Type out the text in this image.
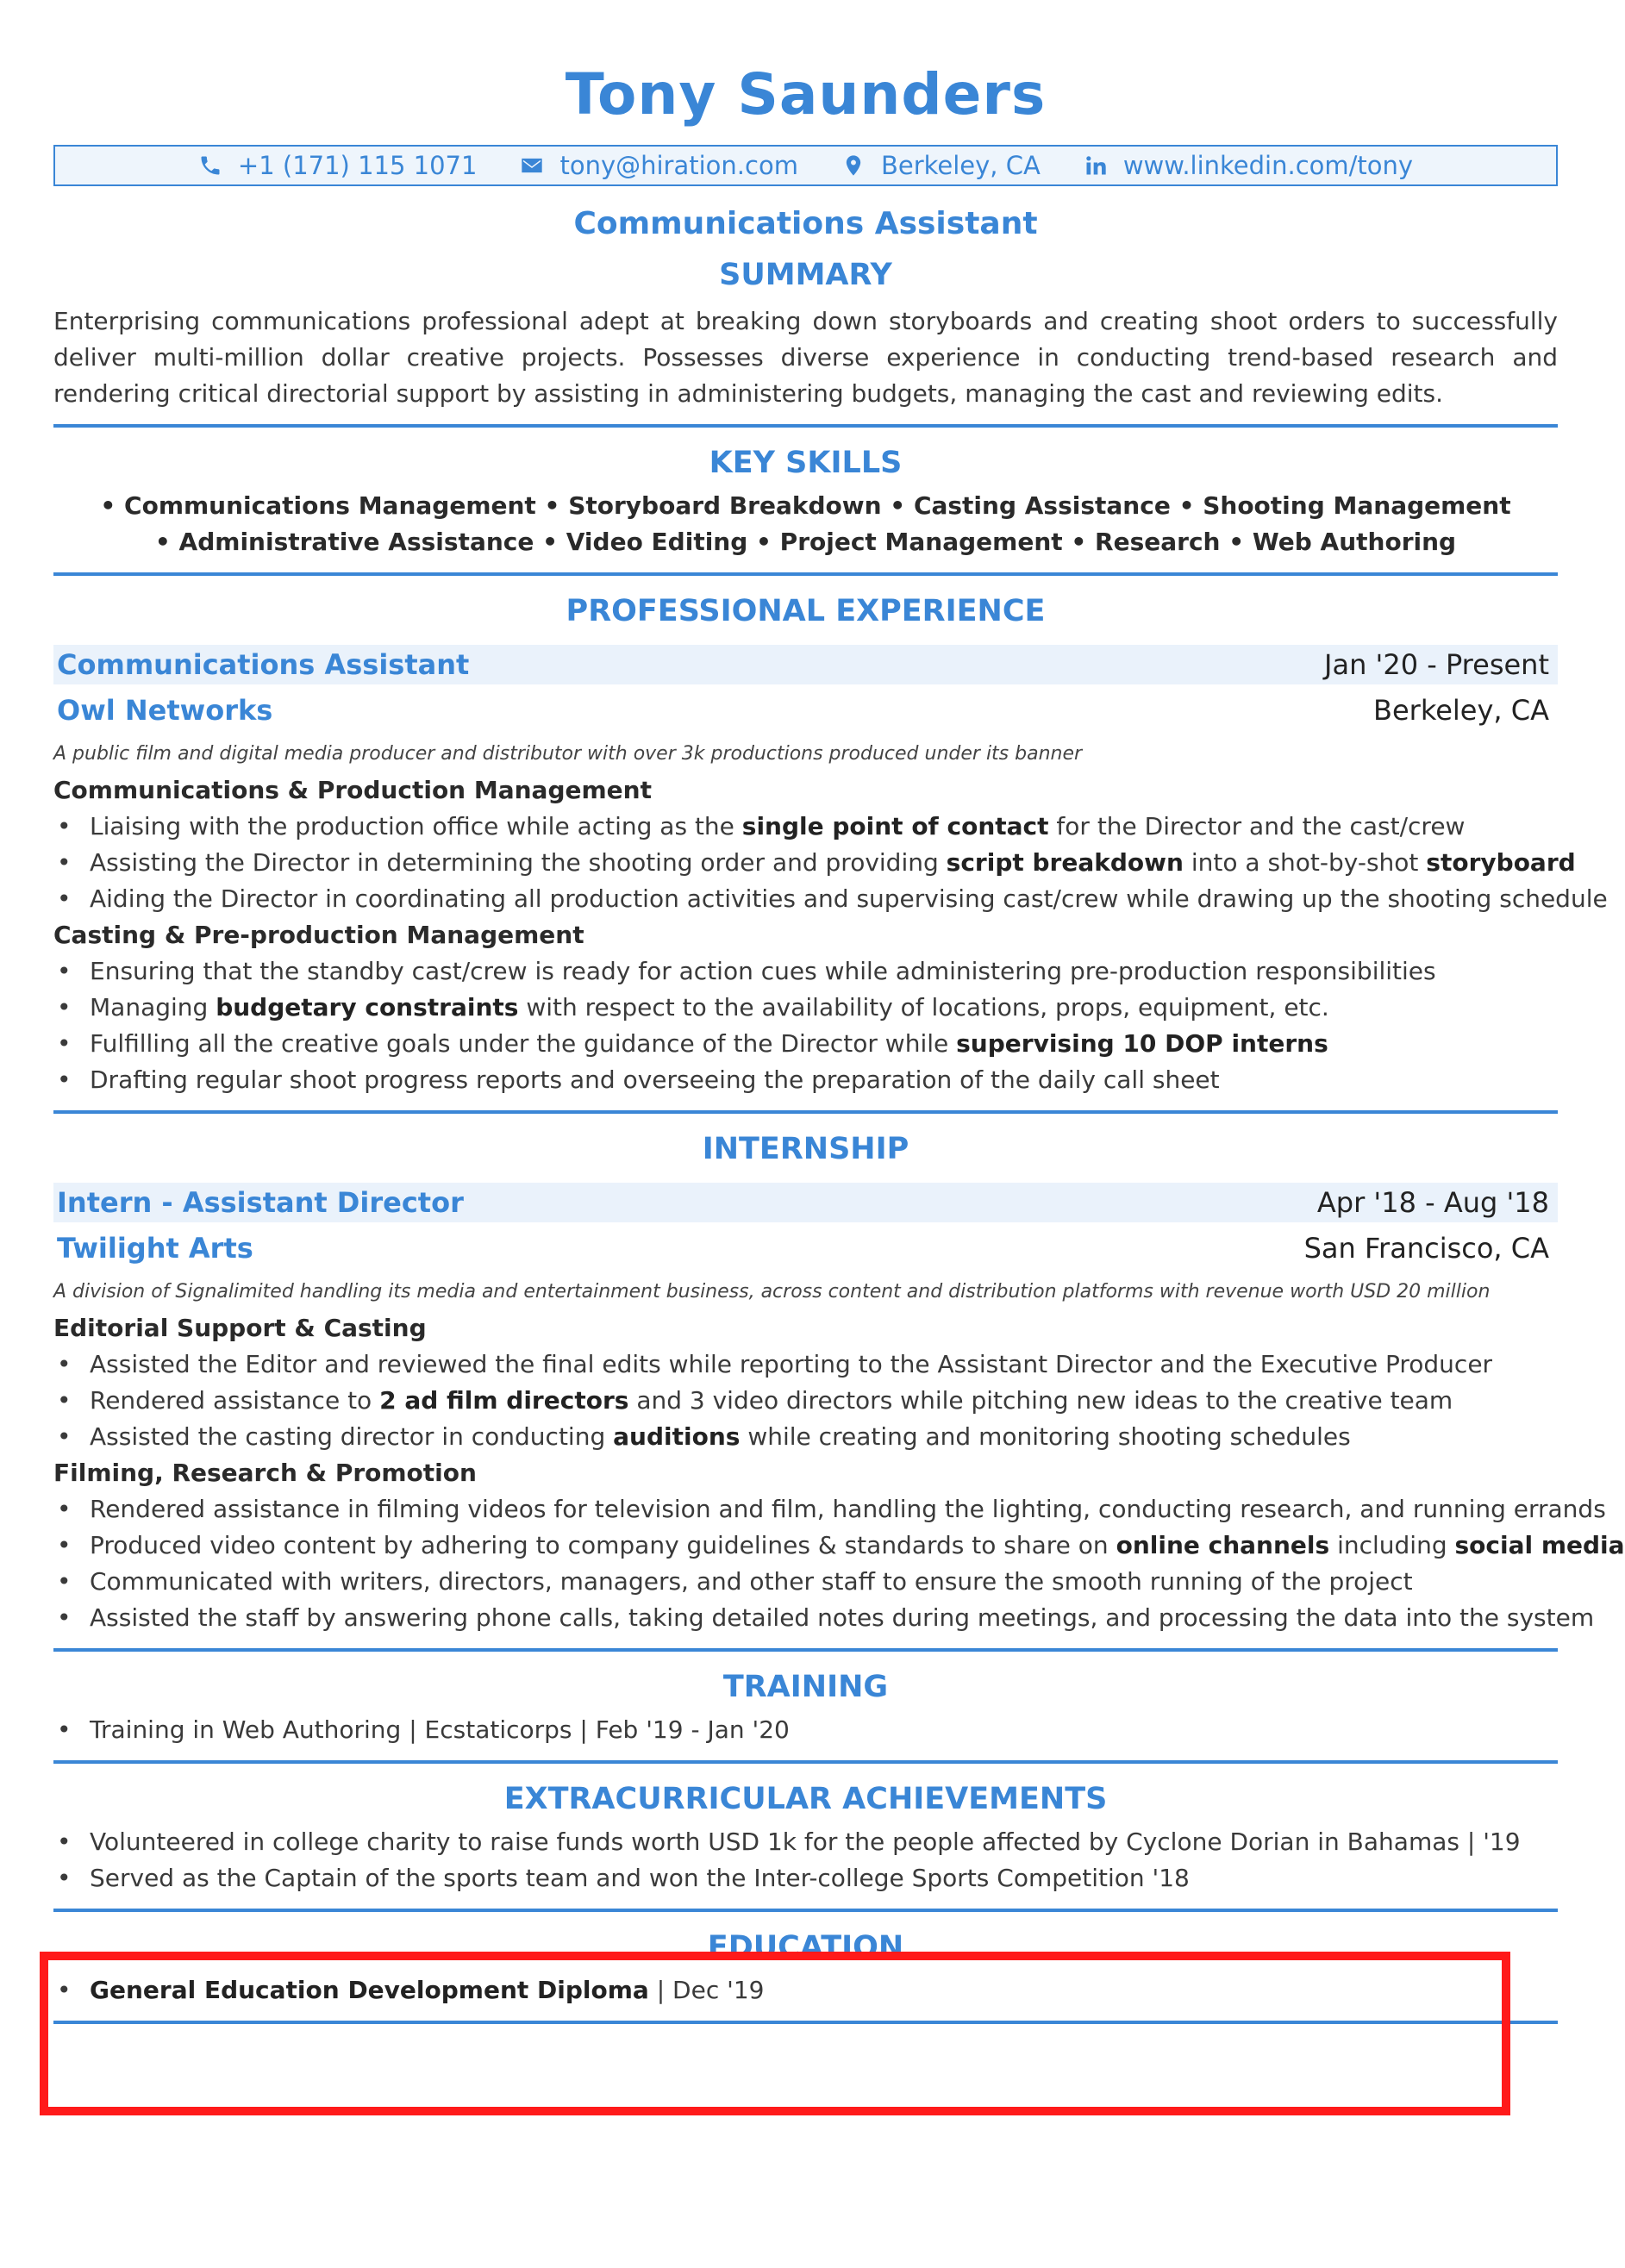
Tony Saunders
+1 (171) 115 1071	tony@hiration.com	Berkeley, CA	www.linkedin.com/tony
Communications Assistant
SUMMARY
Enterprising communications professional adept at breaking down storyboards and creating shoot orders to successfully deliver multi-million dollar creative projects. Possesses diverse experience in conducting trend-based research and rendering critical directorial support by assisting in administering budgets, managing the cast and reviewing edits.
KEY SKILLS
• Communications Management • Storyboard Breakdown • Casting Assistance • Shooting Management
• Administrative Assistance • Video Editing • Project Management • Research • Web Authoring
PROFESSIONAL EXPERIENCE
Communications Assistant	Jan '20 - Present
Owl Networks	Berkeley, CA
A public film and digital media producer and distributor with over 3k productions produced under its banner
Communications & Production Management
• Liaising with the production office while acting as the single point of contact for the Director and the cast/crew
• Assisting the Director in determining the shooting order and providing script breakdown into a shot-by-shot storyboard
• Aiding the Director in coordinating all production activities and supervising cast/crew while drawing up the shooting schedule
Casting & Pre-production Management
• Ensuring that the standby cast/crew is ready for action cues while administering pre-production responsibilities
• Managing budgetary constraints with respect to the availability of locations, props, equipment, etc.
• Fulfilling all the creative goals under the guidance of the Director while supervising 10 DOP interns
• Drafting regular shoot progress reports and overseeing the preparation of the daily call sheet
INTERNSHIP
Intern - Assistant Director	Apr '18 - Aug '18
Twilight Arts	San Francisco, CA
A division of Signalimited handling its media and entertainment business, across content and distribution platforms with revenue worth USD 20 million
Editorial Support & Casting
• Assisted the Editor and reviewed the final edits while reporting to the Assistant Director and the Executive Producer
• Rendered assistance to 2 ad film directors and 3 video directors while pitching new ideas to the creative team
• Assisted the casting director in conducting auditions while creating and monitoring shooting schedules
Filming, Research & Promotion
• Rendered assistance in filming videos for television and film, handling the lighting, conducting research, and running errands
• Produced video content by adhering to company guidelines & standards to share on online channels including social media
• Communicated with writers, directors, managers, and other staff to ensure the smooth running of the project
• Assisted the staff by answering phone calls, taking detailed notes during meetings, and processing the data into the system
TRAINING
• Training in Web Authoring | Ecstaticorps | Feb '19 - Jan '20
EXTRACURRICULAR ACHIEVEMENTS
• Volunteered in college charity to raise funds worth USD 1k for the people affected by Cyclone Dorian in Bahamas | '19
• Served as the Captain of the sports team and won the Inter-college Sports Competition '18
EDUCATION
• General Education Development Diploma | Dec '19
